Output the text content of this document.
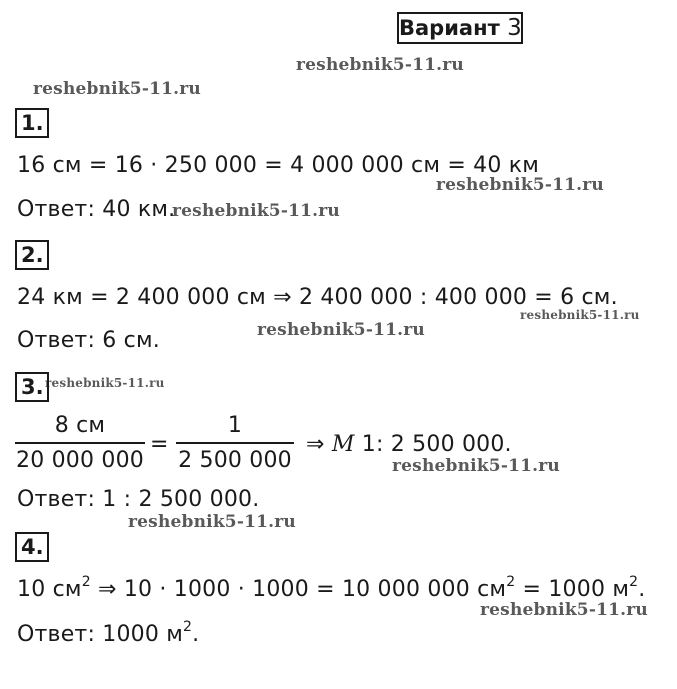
Вариант 3
reshebnik5-11.ru
reshebnik5-11.ru
reshebnik5-11.ru
reshebnik5-11.ru
reshebnik5-11.ru
reshebnik5-11.ru
reshebnik5-11.ru
reshebnik5-11.ru
reshebnik5-11.ru
reshebnik5-11.ru
1.
16 см = 16 · 250 000 = 4 000 000 см = 40 км
Ответ: 40 км.
2.
24 км = 2 400 000 см ⇒ 2 400 000 : 400 000 = 6 см.
Ответ: 6 см.
3.
8 см
20 000 000
=
1
2 500 000
⇒ M 1: 2 500 000.
Ответ: 1 : 2 500 000.
4.
10 $см^2$ ⇒ 10 · 1000 · 1000 = 10 000 000 $см^2 = 1000$ $м^2$.
Ответ: 1000 $м^2$.
